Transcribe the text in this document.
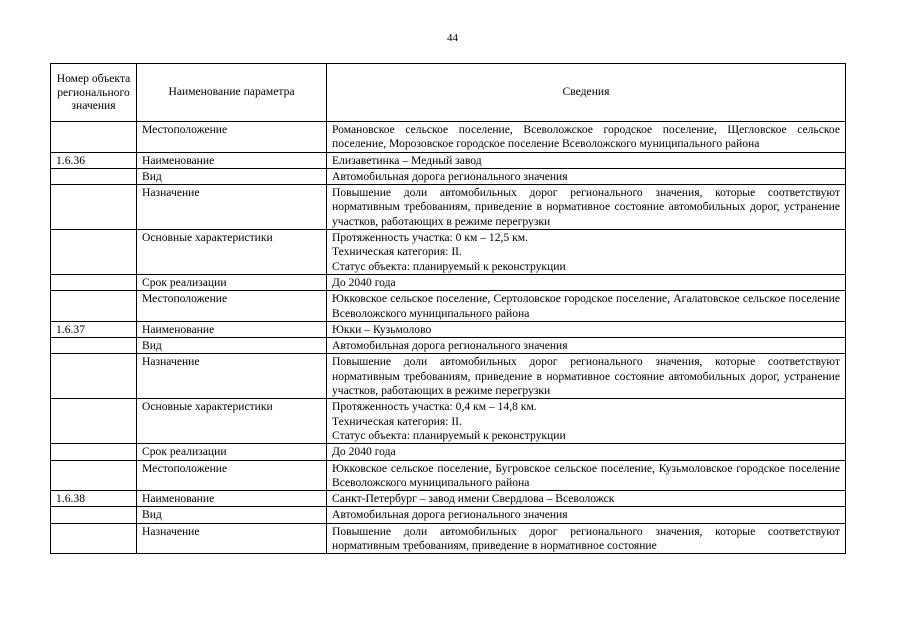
44
Номер объекта регионального значения	Наименование параметра	Сведения
	Местоположение	Романовское сельское поселение, Всеволожское городское поселение, Щегловское сельское поселение, Морозовское городское поселение Всеволожского муниципального района
1.6.36	Наименование	Елизаветинка – Медный завод
	Вид	Автомобильная дорога регионального значения
	Назначение	Повышение доли автомобильных дорог регионального значения, которые соответствуют нормативным требованиям, приведение в нормативное состояние автомобильных дорог, устранение участков, работающих в режиме перегрузки
	Основные характеристики	Протяженность участка: 0 км – 12,5 км.
Техническая категория: II.
Статус объекта: планируемый к реконструкции

	Срок реализации	До 2040 года
	Местоположение	Юкковское сельское поселение, Сертоловское городское поселение, Агалатовское сельское поселение Всеволожского муниципального района
1.6.37	Наименование	Юкки – Кузьмолово
	Вид	Автомобильная дорога регионального значения
	Назначение	Повышение доли автомобильных дорог регионального значения, которые соответствуют нормативным требованиям, приведение в нормативное состояние автомобильных дорог, устранение участков, работающих в режиме перегрузки
	Основные характеристики	Протяженность участка: 0,4 км – 14,8 км.
Техническая категория: II.
Статус объекта: планируемый к реконструкции

	Срок реализации	До 2040 года
	Местоположение	Юкковское сельское поселение, Бугровское сельское поселение, Кузьмоловское городское поселение Всеволожского муниципального района
1.6.38	Наименование	Санкт-Петербург – завод имени Свердлова – Всеволожск
	Вид	Автомобильная дорога регионального значения
	Назначение	Повышение доли автомобильных дорог регионального значения, которые соответствуют нормативным требованиям, приведение в нормативное состояние
